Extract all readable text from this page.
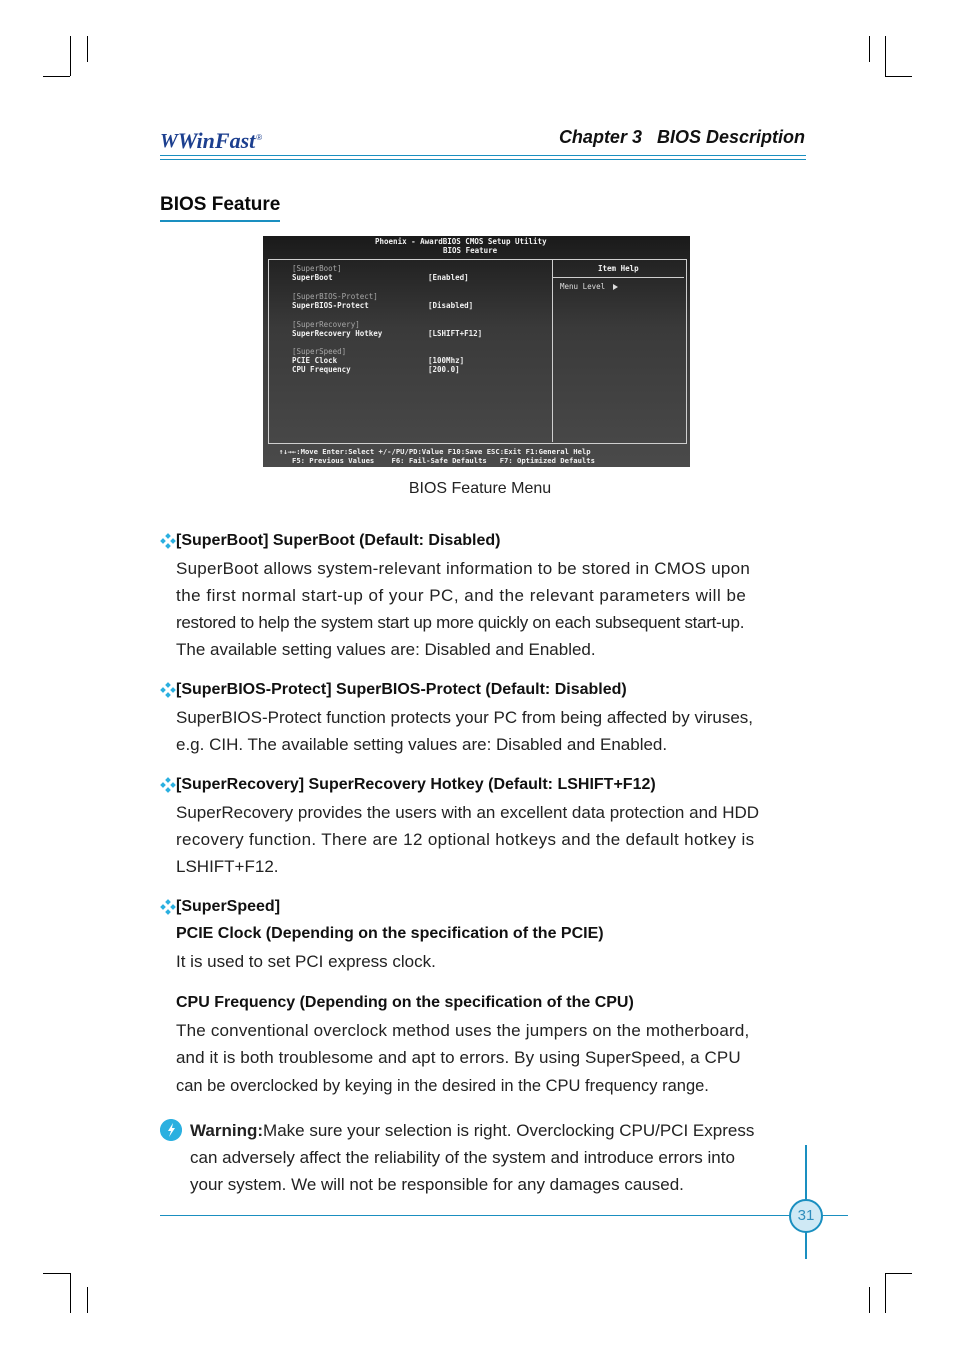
W WinFast ®	Chapter 3   BIOS Description
BIOS Feature
Phoenix - AwardBIOS CMOS Setup Utility
BIOS Feature
Item Help
Menu Level
[SuperBoot]
SuperBoot	[Enabled]
[SuperBIOS-Protect]
SuperBIOS-Protect	[Disabled]
[SuperRecovery]
SuperRecovery Hotkey	[LSHIFT+F12]
[SuperSpeed]
PCIE Clock	[100Mhz]
CPU Frequency	[200.0]
↑↓→←:Move Enter:Select +/-/PU/PD:Value F10:Save ESC:Exit F1:General Help
F5: Previous Values    F6: Fail-Safe Defaults   F7: Optimized Defaults
BIOS Feature Menu
[SuperBoot] SuperBoot (Default: Disabled)
SuperBoot allows system-relevant information to be stored in CMOS upon
the first normal start-up of your PC, and the relevant parameters will be
restored to help the system start up more quickly on each subsequent start-up.
The available setting values are: Disabled and Enabled.
[SuperBIOS-Protect] SuperBIOS-Protect (Default: Disabled)
SuperBIOS-Protect function protects your PC from being affected by viruses,
e.g. CIH. The available setting values are: Disabled and Enabled.
[SuperRecovery] SuperRecovery Hotkey (Default: LSHIFT+F12)
SuperRecovery provides the users with an excellent data protection and HDD
recovery function. There are 12 optional hotkeys and the default hotkey is
LSHIFT+F12.
[SuperSpeed]
PCIE Clock (Depending on the specification of the PCIE)
It is used to set PCI express clock.
CPU Frequency (Depending on the specification of the CPU)
The conventional overclock method uses the jumpers on the motherboard,
and it is both troublesome and apt to errors. By using SuperSpeed, a CPU
can be overclocked by keying in the desired in the CPU frequency range.
Warning:Make sure your selection is right. Overclocking CPU/PCI Express
can adversely affect the reliability of the system and introduce errors into
your system. We will not be responsible for any damages caused.
31
